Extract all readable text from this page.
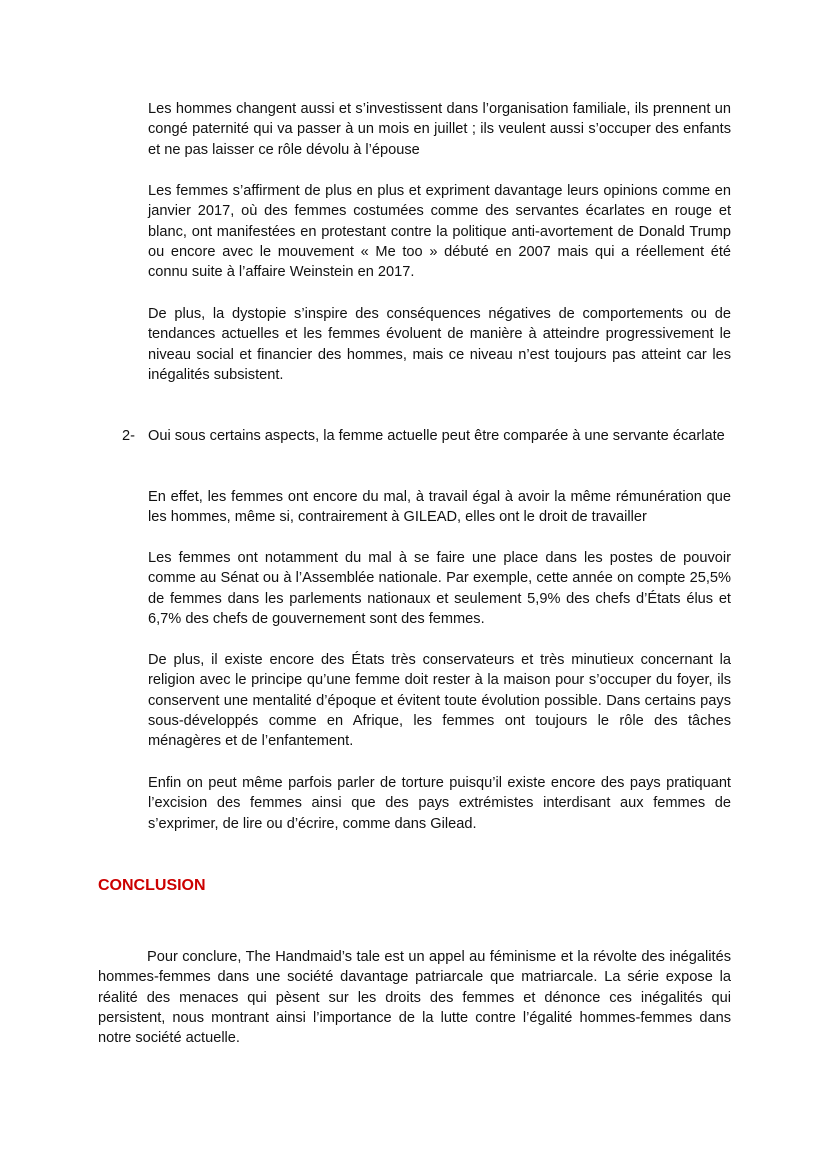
Les hommes changent aussi et s’investissent dans l’organisation familiale, ils prennent un congé paternité qui va passer à un mois en juillet ; ils veulent aussi s’occuper des enfants et ne pas laisser ce rôle dévolu à l’épouse

Les femmes s’affirment de plus en plus et expriment davantage leurs opinions comme en janvier 2017, où des femmes costumées comme des servantes écarlates en rouge et blanc, ont manifestées en protestant contre la politique anti-avortement de Donald Trump ou encore avec le mouvement « Me too » débuté en 2007 mais qui a réellement été connu suite à l’affaire Weinstein en 2017.

De plus, la dystopie s’inspire des conséquences négatives de comportements ou de tendances actuelles et les femmes évoluent de manière à atteindre progressivement le niveau social et financier des hommes, mais ce niveau n’est toujours pas atteint car les inégalités subsistent.

2- Oui sous certains aspects, la femme actuelle peut être comparée à une servante écarlate

En effet, les femmes ont encore du mal, à travail égal à avoir la même rémunération que les hommes, même si, contrairement à GILEAD, elles ont le droit de travailler

Les femmes ont notamment du mal à se faire une place dans les postes de pouvoir comme au Sénat ou à l’Assemblée nationale. Par exemple, cette année on compte 25,5% de femmes dans les parlements nationaux et seulement 5,9% des chefs d’États élus et 6,7% des chefs de gouvernement sont des femmes.

De plus, il existe encore des États très conservateurs et très minutieux concernant la religion avec le principe qu’une femme doit rester à la maison pour s’occuper du foyer, ils conservent une mentalité d’époque et évitent toute évolution possible. Dans certains pays sous-développés comme en Afrique, les femmes ont toujours le rôle des tâches ménagères et de l’enfantement.

Enfin on peut même parfois parler de torture puisqu’il existe encore des pays pratiquant l’excision des femmes ainsi que des pays extrémistes interdisant aux femmes de s’exprimer, de lire ou d’écrire, comme dans Gilead.

CONCLUSION

Pour conclure, The Handmaid’s tale est un appel au féminisme et la révolte des inégalités hommes-femmes dans une société davantage patriarcale que matriarcale. La série expose la réalité des menaces qui pèsent sur les droits des femmes et dénonce ces inégalités qui persistent, nous montrant ainsi l’importance de la lutte contre l’égalité hommes-femmes dans notre société actuelle.
